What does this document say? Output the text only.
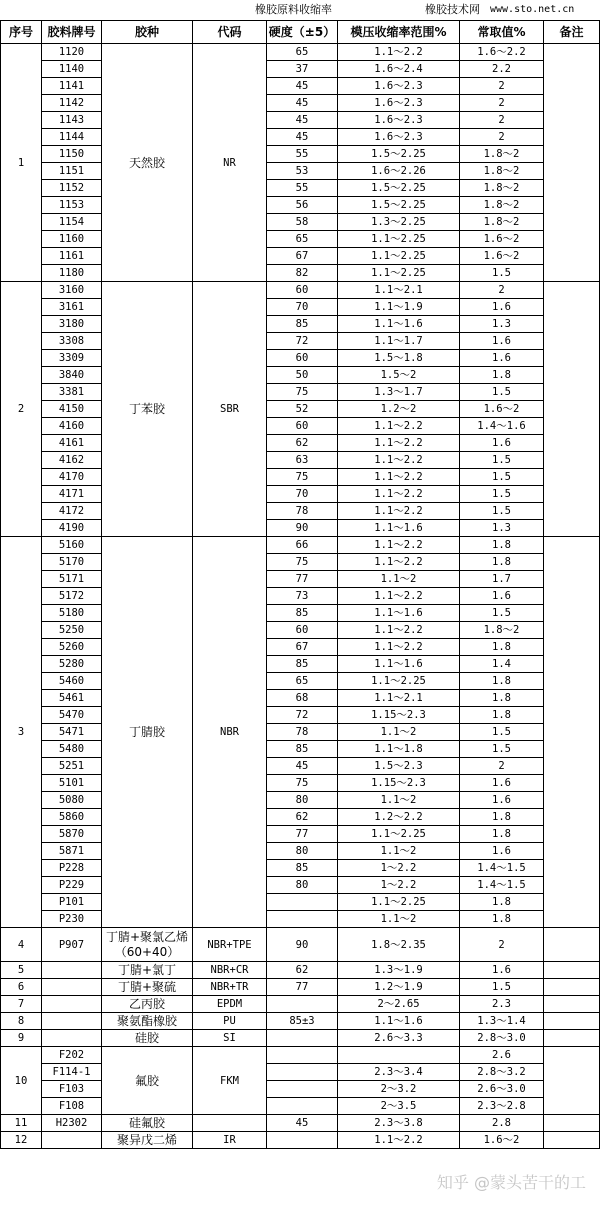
橡胶原料收缩率	橡胶技术网 www.sto.net.cn
序号	胶料牌号	胶种	代码	硬度（±5）	模压收缩率范围%	常取值%	备注
1	1120	天然胶	NR	65	1.1～2.2	1.6～2.2	
	1140			37	1.6～2.4	2.2	
	1141			45	1.6～2.3	2	
	1142			45	1.6～2.3	2	
	1143			45	1.6～2.3	2	
	1144			45	1.6～2.3	2	
	1150			55	1.5～2.25	1.8～2	
	1151			53	1.6～2.26	1.8～2	
	1152			55	1.5～2.25	1.8～2	
	1153			56	1.5～2.25	1.8～2	
	1154			58	1.3～2.25	1.8～2	
	1160			65	1.1～2.25	1.6～2	
	1161			67	1.1～2.25	1.6～2	
	1180			82	1.1～2.25	1.5	
2	3160	丁苯胶	SBR	60	1.1～2.1	2	
	3161			70	1.1～1.9	1.6	
	3180			85	1.1～1.6	1.3	
	3308			72	1.1～1.7	1.6	
	3309			60	1.5～1.8	1.6	
	3840			50	1.5～2	1.8	
	3381			75	1.3～1.7	1.5	
	4150			52	1.2～2	1.6～2	
	4160			60	1.1～2.2	1.4～1.6	
	4161			62	1.1～2.2	1.6	
	4162			63	1.1～2.2	1.5	
	4170			75	1.1～2.2	1.5	
	4171			70	1.1～2.2	1.5	
	4172			78	1.1～2.2	1.5	
	4190			90	1.1～1.6	1.3	
3	5160	丁腈胶	NBR	66	1.1～2.2	1.8	
	5170			75	1.1～2.2	1.8	
	5171			77	1.1～2	1.7	
	5172			73	1.1～2.2	1.6	
	5180			85	1.1～1.6	1.5	
	5250			60	1.1～2.2	1.8～2	
	5260			67	1.1～2.2	1.8	
	5280			85	1.1～1.6	1.4	
	5460			65	1.1～2.25	1.8	
	5461			68	1.1～2.1	1.8	
	5470			72	1.15～2.3	1.8	
	5471			78	1.1～2	1.5	
	5480			85	1.1～1.8	1.5	
	5251			45	1.5～2.3	2	
	5101			75	1.15～2.3	1.6	
	5080			80	1.1～2	1.6	
	5860			62	1.2～2.2	1.8	
	5870			77	1.1～2.25	1.8	
	5871			80	1.1～2	1.6	
	P228			85	1～2.2	1.4～1.5	
	P229			80	1～2.2	1.4～1.5	
	P101				1.1～2.25	1.8	
	P230				1.1～2	1.8	
4	P907	丁腈+聚氯乙烯（60+40）	NBR+TPE	90	1.8～2.35	2	
5		丁腈+氯丁	NBR+CR	62	1.3～1.9	1.6	
6		丁腈+聚硫	NBR+TR	77	1.2～1.9	1.5	
7		乙丙胶	EPDM		2～2.65	2.3	
8		聚氨酯橡胶	PU	85±3	1.1～1.6	1.3～1.4	
9		硅胶	SI		2.6～3.3	2.8～3.0	
10	F202	氟胶	FKM			2.6	
	F114-1				2.3～3.4	2.8～3.2	
	F103				2～3.2	2.6～3.0	
	F108				2～3.5	2.3～2.8	
11	H2302	硅氟胶		45	2.3～3.8	2.8	
12		聚异戊二烯	IR		1.1～2.2	1.6～2	
知乎 @蒙头苦干的工
